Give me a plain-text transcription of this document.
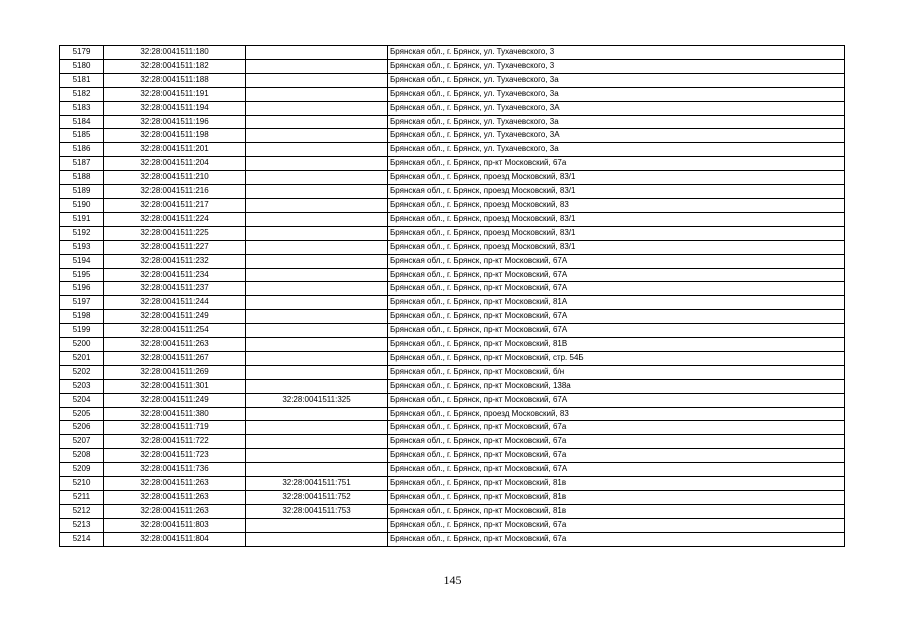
5179	32:28:0041511:180		Брянская обл., г. Брянск, ул. Тухачевского, 3
5180	32:28:0041511:182		Брянская обл., г. Брянск, ул. Тухачевского, 3
5181	32:28:0041511:188		Брянская обл., г. Брянск, ул. Тухачевского, 3а
5182	32:28:0041511:191		Брянская обл., г. Брянск, ул. Тухачевского, 3а
5183	32:28:0041511:194		Брянская обл., г. Брянск, ул. Тухачевского, 3А
5184	32:28:0041511:196		Брянская обл., г. Брянск, ул. Тухачевского, 3а
5185	32:28:0041511:198		Брянская обл., г. Брянск, ул. Тухачевского, 3А
5186	32:28:0041511:201		Брянская обл., г. Брянск, ул. Тухачевского, 3а
5187	32:28:0041511:204		Брянская обл., г. Брянск, пр-кт Московский, 67а
5188	32:28:0041511:210		Брянская обл., г. Брянск, проезд Московский, 83/1
5189	32:28:0041511:216		Брянская обл., г. Брянск, проезд Московский, 83/1
5190	32:28:0041511:217		Брянская обл., г. Брянск, проезд Московский, 83
5191	32:28:0041511:224		Брянская обл., г. Брянск, проезд Московский, 83/1
5192	32:28:0041511:225		Брянская обл., г. Брянск, проезд Московский, 83/1
5193	32:28:0041511:227		Брянская обл., г. Брянск, проезд Московский, 83/1
5194	32:28:0041511:232		Брянская обл., г. Брянск, пр-кт Московский, 67А
5195	32:28:0041511:234		Брянская обл., г. Брянск, пр-кт Московский, 67А
5196	32:28:0041511:237		Брянская обл., г. Брянск, пр-кт Московский, 67А
5197	32:28:0041511:244		Брянская обл., г. Брянск, пр-кт Московский, 81А
5198	32:28:0041511:249		Брянская обл., г. Брянск, пр-кт Московский, 67А
5199	32:28:0041511:254		Брянская обл., г. Брянск, пр-кт Московский, 67А
5200	32:28:0041511:263		Брянская обл., г. Брянск, пр-кт Московский, 81В
5201	32:28:0041511:267		Брянская обл., г. Брянск, пр-кт Московский, стр. 54Б
5202	32:28:0041511:269		Брянская обл., г. Брянск, пр-кт Московский, б/н
5203	32:28:0041511:301		Брянская обл., г. Брянск, пр-кт Московский, 138а
5204	32:28:0041511:249	32:28:0041511:325	Брянская обл., г. Брянск, пр-кт Московский, 67А
5205	32:28:0041511:380		Брянская обл., г. Брянск, проезд Московский, 83
5206	32:28:0041511:719		Брянская обл., г. Брянск, пр-кт Московский, 67а
5207	32:28:0041511:722		Брянская обл., г. Брянск, пр-кт Московский, 67а
5208	32:28:0041511:723		Брянская обл., г. Брянск, пр-кт Московский, 67а
5209	32:28:0041511:736		Брянская обл., г. Брянск, пр-кт Московский, 67А
5210	32:28:0041511:263	32:28:0041511:751	Брянская обл., г. Брянск, пр-кт Московский, 81в
5211	32:28:0041511:263	32:28:0041511:752	Брянская обл., г. Брянск, пр-кт Московский, 81в
5212	32:28:0041511:263	32:28:0041511:753	Брянская обл., г. Брянск, пр-кт Московский, 81в
5213	32:28:0041511:803		Брянская обл., г. Брянск, пр-кт Московский, 67а
5214	32:28:0041511:804		Брянская обл., г. Брянск, пр-кт Московский, 67а
145
